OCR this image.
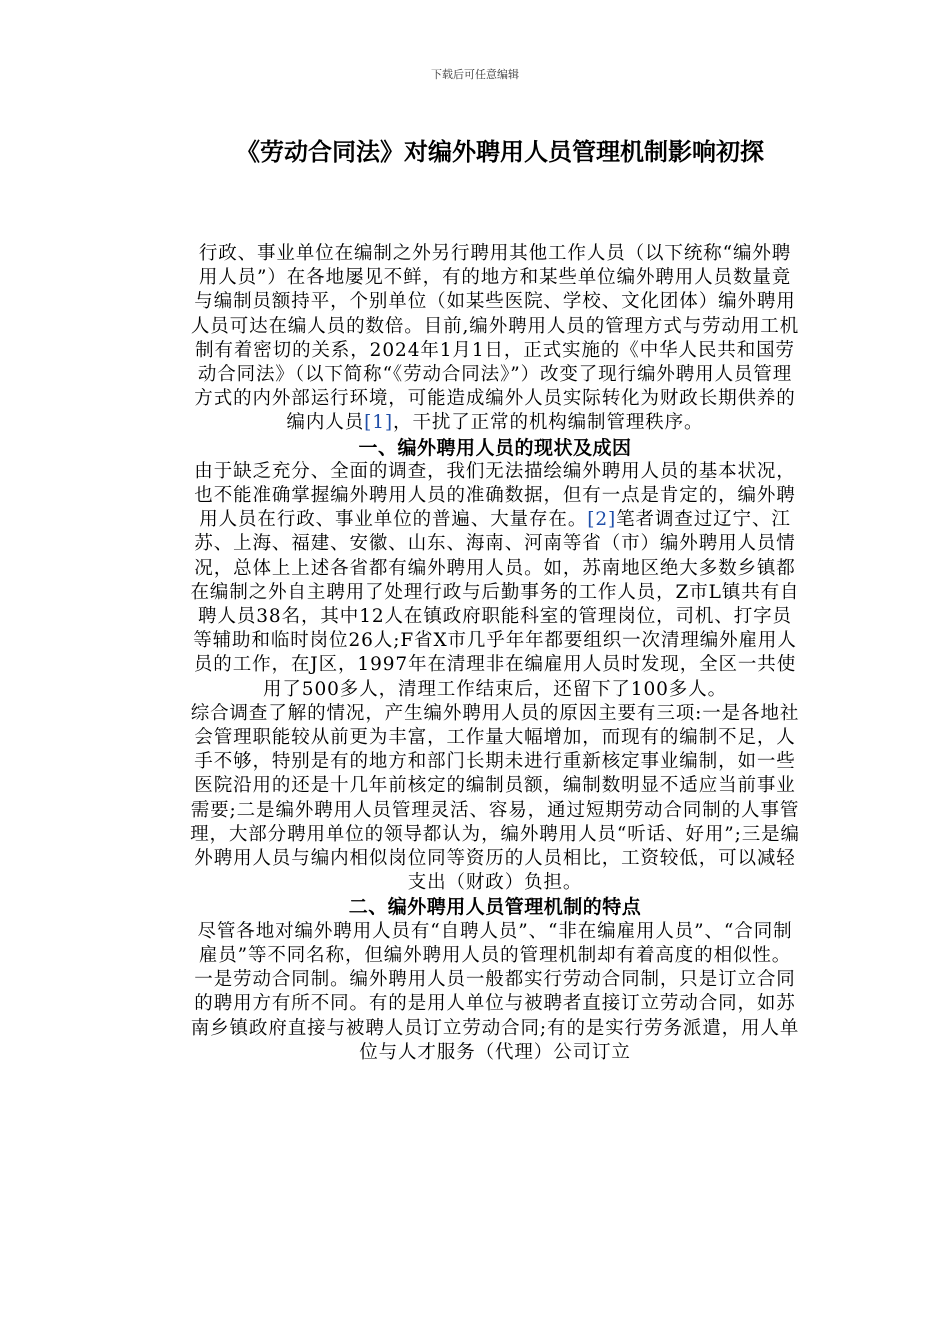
下载后可任意编辑
《劳动合同法》对编外聘用人员管理机制影响初探

行政、事业单位在编制之外另行聘用其他工作人员（以下统称“编外聘用人员”）在各地屡见不鲜，有的地方和某些单位编外聘用人员数量竟与编制员额持平，个别单位（如某些医院、学校、文化团体）编外聘用人员可达在编人员的数倍。目前,编外聘用人员的管理方式与劳动用工机制有着密切的关系，2024年1月1日，正式实施的《中华人民共和国劳动合同法》（以下简称“《劳动合同法》”）改变了现行编外聘用人员管理方式的内外部运行环境，可能造成编外人员实际转化为财政长期供养的编内人员[1]，干扰了正常的机构编制管理秩序。

一、编外聘用人员的现状及成因

由于缺乏充分、全面的调查，我们无法描绘编外聘用人员的基本状况，也不能准确掌握编外聘用人员的准确数据，但有一点是肯定的，编外聘用人员在行政、事业单位的普遍、大量存在。[2]笔者调查过辽宁、江苏、上海、福建、安徽、山东、海南、河南等省（市）编外聘用人员情况，总体上上述各省都有编外聘用人员。如，苏南地区绝大多数乡镇都在编制之外自主聘用了处理行政与后勤事务的工作人员，Z市L镇共有自聘人员38名，其中12人在镇政府职能科室的管理岗位，司机、打字员等辅助和临时岗位26人;F省X市几乎年年都要组织一次清理编外雇用人员的工作，在J区，1997年在清理非在编雇用人员时发现，全区一共使用了500多人，清理工作结束后，还留下了100多人。

综合调查了解的情况，产生编外聘用人员的原因主要有三项:一是各地社会管理职能较从前更为丰富，工作量大幅增加，而现有的编制不足，人手不够，特别是有的地方和部门长期未进行重新核定事业编制，如一些医院沿用的还是十几年前核定的编制员额，编制数明显不适应当前事业需要;二是编外聘用人员管理灵活、容易，通过短期劳动合同制的人事管理，大部分聘用单位的领导都认为，编外聘用人员“听话、好用”;三是编外聘用人员与编内相似岗位同等资历的人员相比，工资较低，可以减轻支出（财政）负担。

二、编外聘用人员管理机制的特点

尽管各地对编外聘用人员有“自聘人员”、“非在编雇用人员”、“合同制雇员”等不同名称，但编外聘用人员的管理机制却有着高度的相似性。

一是劳动合同制。编外聘用人员一般都实行劳动合同制，只是订立合同的聘用方有所不同。有的是用人单位与被聘者直接订立劳动合同，如苏南乡镇政府直接与被聘人员订立劳动合同;有的是实行劳务派遣，用人单位与人才服务（代理）公司订立
